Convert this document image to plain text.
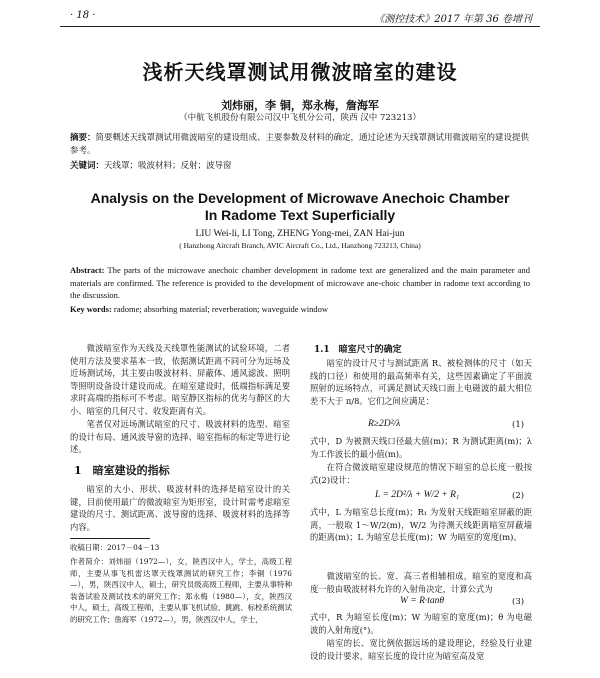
· 18 ·	《测控技术》2017 年第 36 卷增刊
浅析天线罩测试用微波暗室的建设
刘炜丽，李 铜，郑永梅，詹海军
（中航飞机股份有限公司汉中飞机分公司，陕西 汉中 723213）
摘要：简要概述天线罩测试用微波暗室的建设组成、主要参数及材料的确定，通过论述为天线罩测试用微波暗室的建设提供参考。
关键词：天线罩；吸波材料；反射；波导窗
Analysis on the Development of Microwave Anechoic Chamber
In Radome Text Superficially
LIU Wei-li, LI Tong, ZHENG Yong-mei, ZAN Hai-jun
( Hanzhong Aircraft Branch, AVIC Aircraft Co., Ltd., Hanzhong 723213, China)
Abstract: The parts of the microwave anechoic chamber development in radome text are generalized and the main parameter and materials are confirmed. The reference is provided to the development of microwave ane-choic chamber in radome text according to the discussion.
Key words: radome; absorbing material; reverberation; waveguide window
微波暗室作为天线及天线罩性能测试的试验环境，二者使用方法及要求基本一致，依据测试距离不同可分为远场及近场测试场，其主要由吸波材料、屏蔽体、通风滤波、照明等照明设备设计建设而成。在暗室建设时，低端指标满足要求时高端的指标可不考虑。暗室静区指标的优劣与静区的大小、暗室的几何尺寸、收发距离有关。
笔者仅对远场测试暗室的尺寸、吸波材料的选型、暗室的设计布局、通风波导窗的选择、暗室指标的标定等进行论述。
1　暗室建设的指标
暗室的大小、形状、吸波材料的选择是暗室设计的关键，目前使用最广的微波暗室为矩形室，设计时需考虑暗室建设的尺寸、测试距离、波导窗的选择、吸波材料的选择等内容。
收稿日期：2017－04－13
作者简介：刘炜丽（1972—），女，陕西汉中人，学士，高级工程师，主要从事飞机雷达罩天线罩测试的研究工作；李铜（1976—），男，陕西汉中人，硕士，研究员级高级工程师，主要从事特种装备试验及测试技术的研究工作；郑永梅（1980—），女，陕西汉中人，硕士，高级工程师，主要从事飞机试验、跳跳、标校系统测试的研究工作；詹海军（1972—），男，陕西汉中人，学士，
1.1　暗室尺寸的确定
暗室的设计尺寸与测试距离 R、被检测体的尺寸（如天线的口径）和使用的最高频率有关，这些因素确定了平面波照射的远场特点，可满足测试天线口面上电磁波的最大相位差不大于 π/8。它们之间应满足：
R≥2D²/λ	(1)
式中，D 为被测天线口径最大值(m)；R 为测试距离(m)；λ 为工作波长的最小值(m)。
在符合微波暗室建设规范的情况下暗室的总长度一般按式(2)设计：
L = 2D²/λ + W/2 + R₁	(2)
式中，L 为暗室总长度(m)；R₁ 为发射天线距暗室屏蔽的距离，一般取 1～W/2(m)，W/2 为待测天线距离暗室屏蔽墙的距离(m)；L 为暗室总长度(m)；W 为暗室的宽度(m)。
微波暗室的长、宽、高三者相辅相成，暗室的宽度和高度一般由吸波材料允许的入射角决定，计算公式为
W = R·tanθ	(3)
式中，R 为暗室长度(m)；W 为暗室的宽度(m)；θ 为电磁波的入射角度(°)。
暗室的长、宽比例依据远场的建设理论，经验及行业建设的设计要求，暗室长度的设计应为暗室高及宽
